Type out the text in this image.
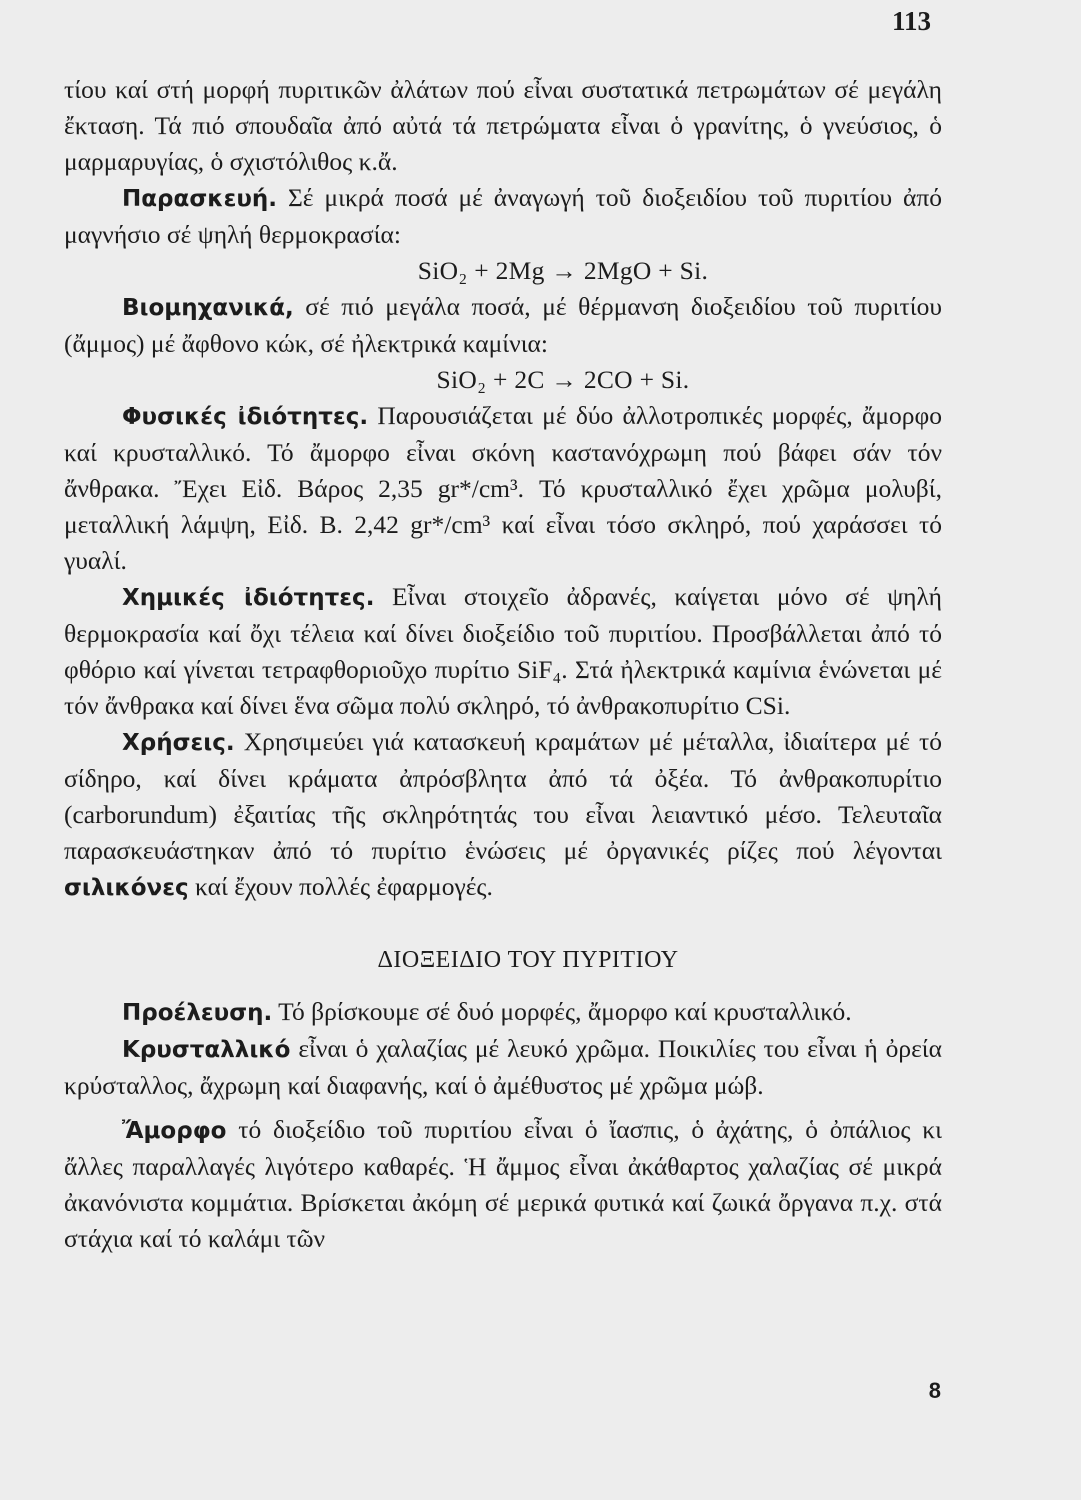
113

τίου καί στή μορφή πυριτικῶν ἀλάτων πού εἶναι συστατικά πετρωμάτων σέ μεγάλη ἔκταση. Τά πιό σπουδαῖα ἀπό αὐτά τά πετρώματα εἶναι ὁ γρανίτης, ὁ γνεύσιος, ὁ μαρμαρυγίας, ὁ σχιστόλιθος κ.ἄ.

Παρασκευή. Σέ μικρά ποσά μέ ἀναγωγή τοῦ διοξειδίου τοῦ πυριτίου ἀπό μαγνήσιο σέ ψηλή θερμοκρασία:

SiO₂ + 2Mg → 2MgO + Si.

Βιομηχανικά, σέ πιό μεγάλα ποσά, μέ θέρμανση διοξειδίου τοῦ πυριτίου (ἄμμος) μέ ἄφθονο κώκ, σέ ἠλεκτρικά καμίνια:

SiO₂ + 2C → 2CO + Si.

Φυσικές ἰδιότητες. Παρουσιάζεται μέ δύο ἀλλοτροπικές μορφές, ἄμορφο καί κρυσταλλικό. Τό ἄμορφο εἶναι σκόνη καστανόχρωμη πού βάφει σάν τόν ἄνθρακα. Ἔχει Εἰδ. Βάρος 2,35 gr*/cm³. Τό κρυσταλλικό ἔχει χρῶμα μολυβί, μεταλλική λάμψη, Εἰδ. Β. 2,42 gr*/cm³ καί εἶναι τόσο σκληρό, πού χαράσσει τό γυαλί.

Χημικές ἰδιότητες. Εἶναι στοιχεῖο ἀδρανές, καίγεται μόνο σέ ψηλή θερμοκρασία καί ὄχι τέλεια καί δίνει διοξείδιο τοῦ πυριτίου. Προσβάλλεται ἀπό τό φθόριο καί γίνεται τετραφθοριοῦχο πυρίτιο SiF₄. Στά ἠλεκτρικά καμίνια ἑνώνεται μέ τόν ἄνθρακα καί δίνει ἕνα σῶμα πολύ σκληρό, τό ἀνθρακοπυρίτιο CSi.

Χρήσεις. Χρησιμεύει γιά κατασκευή κραμάτων μέ μέταλλα, ἰδιαίτερα μέ τό σίδηρο, καί δίνει κράματα ἀπρόσβλητα ἀπό τά ὀξέα. Τό ἀνθρακοπυρίτιο (carborundum) ἐξαιτίας τῆς σκληρότητάς του εἶναι λειαντικό μέσο. Τελευταῖα παρασκευάστηκαν ἀπό τό πυρίτιο ἑνώσεις μέ ὀργανικές ρίζες πού λέγονται σιλικόνες καί ἔχουν πολλές ἐφαρμογές.

ΔΙΟΞΕΙΔΙΟ ΤΟΥ ΠΥΡΙΤΙΟΥ

Προέλευση. Τό βρίσκουμε σέ δυό μορφές, ἄμορφο καί κρυσταλλικό.

Κρυσταλλικό εἶναι ὁ χαλαζίας μέ λευκό χρῶμα. Ποικιλίες του εἶναι ἡ ὀρεία κρύσταλλος, ἄχρωμη καί διαφανής, καί ὁ ἀμέθυστος μέ χρῶμα μώβ.

Ἄμορφο τό διοξείδιο τοῦ πυριτίου εἶναι ὁ ἴασπις, ὁ ἀχάτης, ὁ ὀπάλιος κι ἄλλες παραλλαγές λιγότερο καθαρές. Ἡ ἄμμος εἶναι ἀκάθαρτος χαλαζίας σέ μικρά ἀκανόνιστα κομμάτια. Βρίσκεται ἀκόμη σέ μερικά φυτικά καί ζωικά ὄργανα π.χ. στά στάχια καί τό καλάμι τῶν

8
